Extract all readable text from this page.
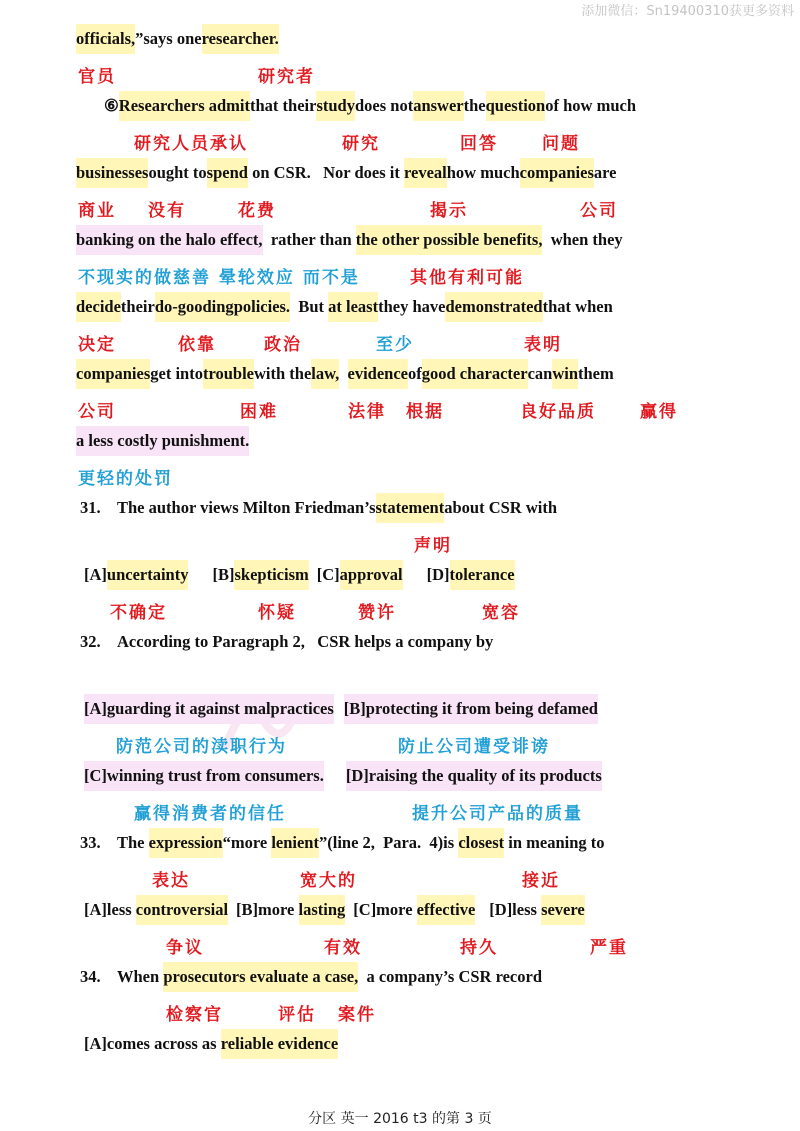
添加微信：Sn19400310获更多资料
officials,”says oneresearcher.
官员	研究者
⑥Researchers admitthat theirstudydoes notanswerthequestionof how much
研究人员承认	研究	回答	问题
businessesought tospend on CSR.   Nor does it revealhow muchcompaniesare
商业 没有	花费	揭示	公司
banking on the halo effect,  rather than the other possible benefits,  when they
不现实的做慈善 晕轮效应 而不是	其他有利可能
decidetheirdo-goodingpolicies.  But at leastthey havedemonstratedthat when
决定	依靠	政治	至少	表明
companiesget intotroublewith thelaw, evidenceofgood charactercanwinthem
公司	困难	法律 根据	良好品质	赢得
a less costly punishment.
更轻的处罚
31. The author views Milton Friedman’sstatementabout CSR with
声明
[A]uncertainty [B]skepticism [C]approval [D]tolerance
不确定	怀疑	赞许	宽容
32. According to Paragraph 2,   CSR helps a company by
[A]guarding it against malpractices [B]protecting it from being defamed
防范公司的渎职行为	防止公司遭受诽谤
[C]winning trust from consumers. [D]raising the quality of its products
赢得消费者的信任	提升公司产品的质量
33. The expression“more lenient”(line 2,  Para.  4)is closest in meaning to
表达	宽大的	接近
[A]less controversial [B]more lasting [C]more effective [D]less severe
争议	有效	持久	严重
34. When prosecutors evaluate a case,  a company’s CSR record
检察官	评估 案件
[A]comes across as reliable evidence
分区 英一 2016 t3 的第 3 页
